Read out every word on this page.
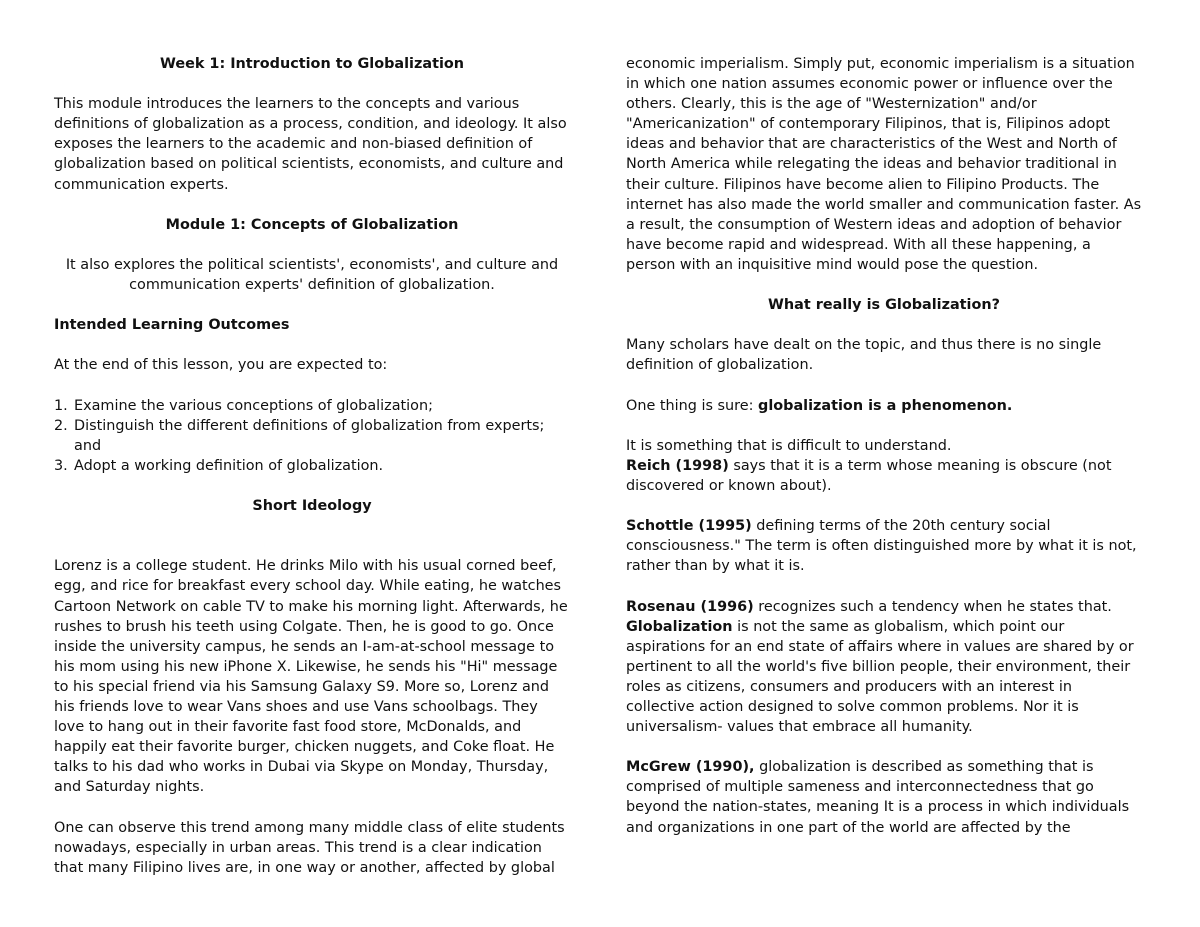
Week 1: Introduction to Globalization

This module introduces the learners to the concepts and various definitions of globalization as a process, condition, and ideology. It also exposes the learners to the academic and non-biased definition of globalization based on political scientists, economists, and culture and communication experts.

Module 1: Concepts of Globalization

It also explores the political scientists', economists', and culture and communication experts' definition of globalization.

Intended Learning Outcomes

At the end of this lesson, you are expected to:

1. Examine the various conceptions of globalization;
2. Distinguish the different definitions of globalization from experts; and
3. Adopt a working definition of globalization.
Short Ideology

Lorenz is a college student. He drinks Milo with his usual corned beef, egg, and rice for breakfast every school day. While eating, he watches Cartoon Network on cable TV to make his morning light. Afterwards, he rushes to brush his teeth using Colgate. Then, he is good to go. Once inside the university campus, he sends an I-am-at-school message to his mom using his new iPhone X. Likewise, he sends his "Hi" message to his special friend via his Samsung Galaxy S9. More so, Lorenz and his friends love to wear Vans shoes and use Vans schoolbags. They love to hang out in their favorite fast food store, McDonalds, and happily eat their favorite burger, chicken nuggets, and Coke float. He talks to his dad who works in Dubai via Skype on Monday, Thursday, and Saturday nights.

One can observe this trend among many middle class of elite students nowadays, especially in urban areas. This trend is a clear indication that many Filipino lives are, in one way or another, affected by global

economic imperialism. Simply put, economic imperialism is a situation in which one nation assumes economic power or influence over the others. Clearly, this is the age of "Westernization" and/or "Americanization" of contemporary Filipinos, that is, Filipinos adopt ideas and behavior that are characteristics of the West and North of North America while relegating the ideas and behavior traditional in their culture. Filipinos have become alien to Filipino Products. The internet has also made the world smaller and communication faster. As a result, the consumption of Western ideas and adoption of behavior have become rapid and widespread. With all these happening, a person with an inquisitive mind would pose the question.

What really is Globalization?

Many scholars have dealt on the topic, and thus there is no single definition of globalization.

One thing is sure: globalization is a phenomenon.

It is something that is difficult to understand.

Reich (1998) says that it is a term whose meaning is obscure (not discovered or known about).

Schottle (1995) defining terms of the 20th century social consciousness." The term is often distinguished more by what it is not, rather than by what it is.

Rosenau (1996) recognizes such a tendency when he states that.
Globalization is not the same as globalism, which point our aspirations for an end state of affairs where in values are shared by or pertinent to all the world's five billion people, their environment, their roles as citizens, consumers and producers with an interest in collective action designed to solve common problems. Nor it is universalism- values that embrace all humanity.

McGrew (1990), globalization is described as something that is comprised of multiple sameness and interconnectedness that go beyond the nation-states, meaning It is a process in which individuals and organizations in one part of the world are affected by the
